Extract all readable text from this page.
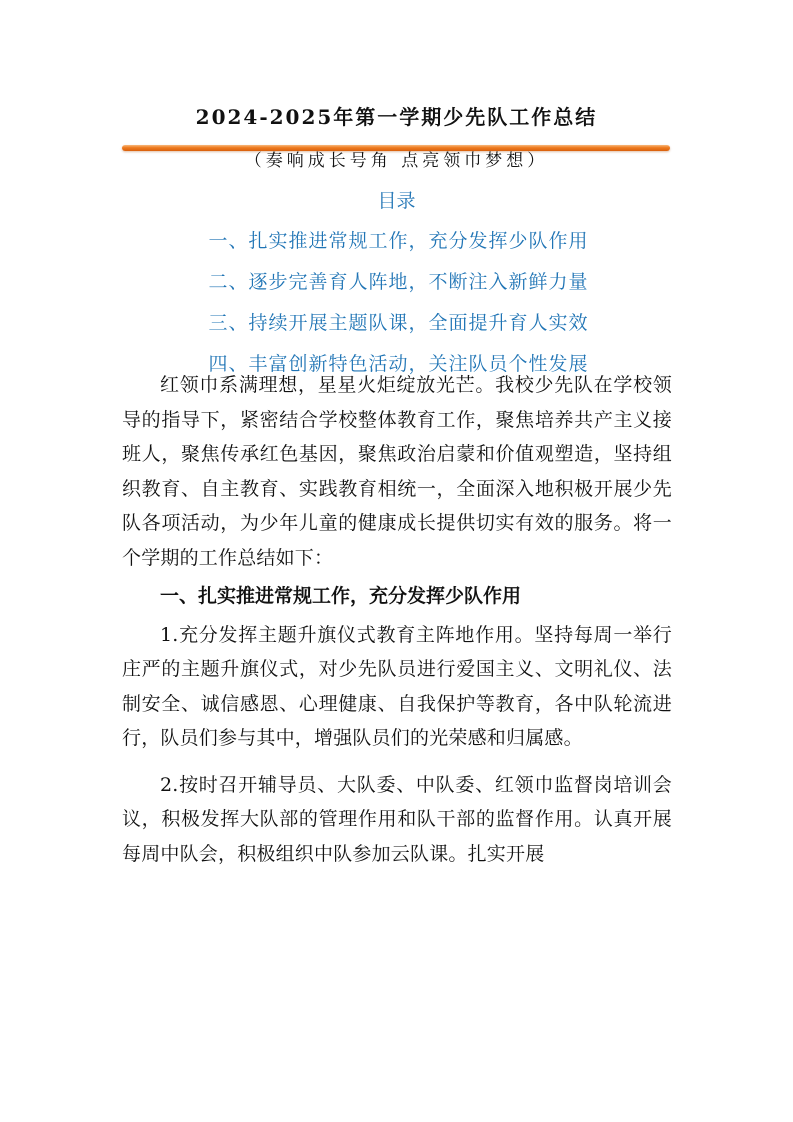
2024-2025年第一学期少先队工作总结
（奏响成长号角 点亮领巾梦想）
目录
一、扎实推进常规工作，充分发挥少队作用
二、逐步完善育人阵地，不断注入新鲜力量
三、持续开展主题队课，全面提升育人实效
四、丰富创新特色活动，关注队员个性发展

红领巾系满理想，星星火炬绽放光芒。我校少先队在学校领导的指导下，紧密结合学校整体教育工作，聚焦培养共产主义接班人，聚焦传承红色基因，聚焦政治启蒙和价值观塑造，坚持组织教育、自主教育、实践教育相统一，全面深入地积极开展少先队各项活动，为少年儿童的健康成长提供切实有效的服务。将一个学期的工作总结如下：

一、扎实推进常规工作，充分发挥少队作用

1.充分发挥主题升旗仪式教育主阵地作用。坚持每周一举行庄严的主题升旗仪式，对少先队员进行爱国主义、文明礼仪、法制安全、诚信感恩、心理健康、自我保护等教育，各中队轮流进行，队员们参与其中，增强队员们的光荣感和归属感。

2.按时召开辅导员、大队委、中队委、红领巾监督岗培训会议，积极发挥大队部的管理作用和队干部的监督作用。认真开展每周中队会，积极组织中队参加云队课。扎实开展
